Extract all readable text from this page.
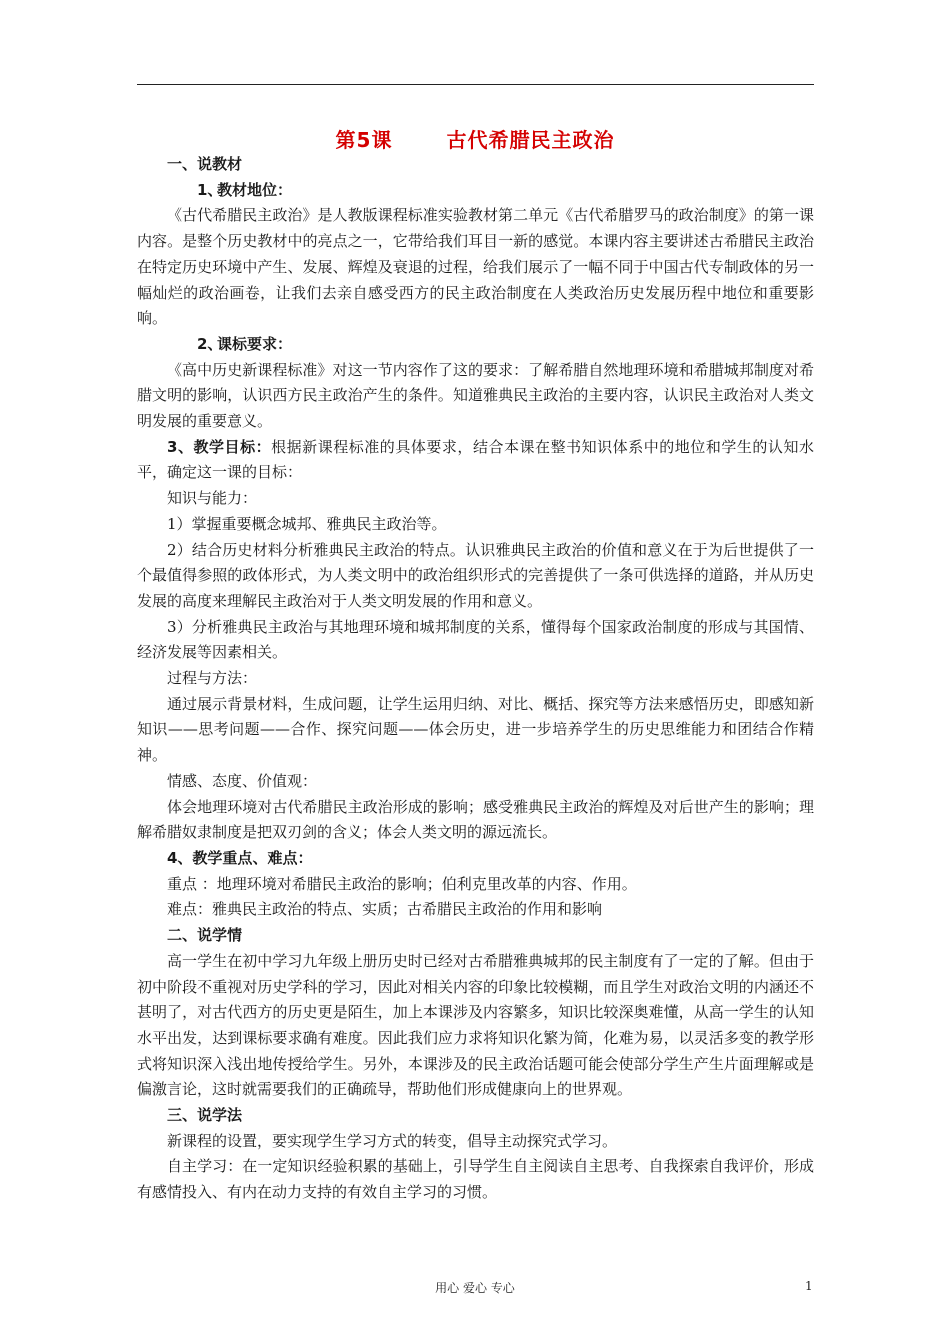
第5课	古代希腊民主政治

一、说教材

1、教材地位：

《古代希腊民主政治》是人教版课程标准实验教材第二单元《古代希腊罗马的政治制度》的第一课内容。是整个历史教材中的亮点之一，它带给我们耳目一新的感觉。本课内容主要讲述古希腊民主政治在特定历史环境中产生、发展、辉煌及衰退的过程，给我们展示了一幅不同于中国古代专制政体的另一幅灿烂的政治画卷，让我们去亲自感受西方的民主政治制度在人类政治历史发展历程中地位和重要影响。

2、课标要求：

《高中历史新课程标准》对这一节内容作了这的要求：了解希腊自然地理环境和希腊城邦制度对希腊文明的影响，认识西方民主政治产生的条件。知道雅典民主政治的主要内容，认识民主政治对人类文明发展的重要意义。

3、教学目标：根据新课程标准的具体要求，结合本课在整书知识体系中的地位和学生的认知水平，确定这一课的目标：

知识与能力：

1）掌握重要概念城邦、雅典民主政治等。

2）结合历史材料分析雅典民主政治的特点。认识雅典民主政治的价值和意义在于为后世提供了一个最值得参照的政体形式，为人类文明中的政治组织形式的完善提供了一条可供选择的道路，并从历史发展的高度来理解民主政治对于人类文明发展的作用和意义。

3）分析雅典民主政治与其地理环境和城邦制度的关系，懂得每个国家政治制度的形成与其国情、经济发展等因素相关。

过程与方法：

通过展示背景材料，生成问题，让学生运用归纳、对比、概括、探究等方法来感悟历史，即感知新知识——思考问题——合作、探究问题——体会历史，进一步培养学生的历史思维能力和团结合作精神。

情感、态度、价值观：

体会地理环境对古代希腊民主政治形成的影响；感受雅典民主政治的辉煌及对后世产生的影响；理解希腊奴隶制度是把双刃剑的含义；体会人类文明的源远流长。

4、教学重点、难点：

重点 ：地理环境对希腊民主政治的影响；伯利克里改革的内容、作用。

难点：雅典民主政治的特点、实质；古希腊民主政治的作用和影响

二、说学情

高一学生在初中学习九年级上册历史时已经对古希腊雅典城邦的民主制度有了一定的了解。但由于初中阶段不重视对历史学科的学习，因此对相关内容的印象比较模糊，而且学生对政治文明的内涵还不甚明了，对古代西方的历史更是陌生，加上本课涉及内容繁多，知识比较深奥难懂，从高一学生的认知水平出发，达到课标要求确有难度。因此我们应力求将知识化繁为简，化难为易，以灵活多变的教学形式将知识深入浅出地传授给学生。另外，本课涉及的民主政治话题可能会使部分学生产生片面理解或是偏激言论，这时就需要我们的正确疏导，帮助他们形成健康向上的世界观。

三、说学法

新课程的设置，要实现学生学习方式的转变，倡导主动探究式学习。

自主学习：在一定知识经验积累的基础上，引导学生自主阅读自主思考、自我探索自我评价，形成有感情投入、有内在动力支持的有效自主学习的习惯。

用心 爱心 专心	1
